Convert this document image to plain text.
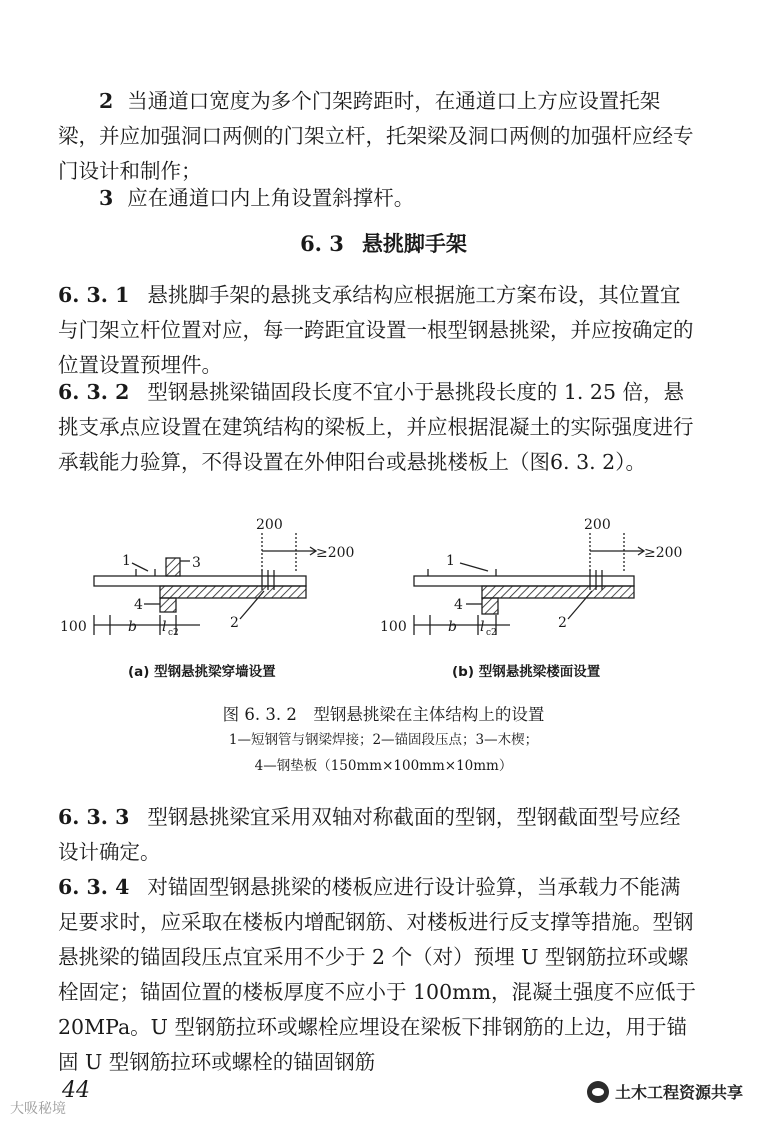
2 当通道口宽度为多个门架跨距时，在通道口上方应设置托架梁，并应加强洞口两侧的门架立杆，托架梁及洞口两侧的加强杆应经专门设计和制作；

3 应在通道口内上角设置斜撑杆。

6. 3 悬挑脚手架

6. 3. 1 悬挑脚手架的悬挑支承结构应根据施工方案布设，其位置宜与门架立杆位置对应，每一跨距宜设置一根型钢悬挑梁，并应按确定的位置设置预埋件。

6. 3. 2 型钢悬挑梁锚固段长度不宜小于悬挑段长度的 1. 25 倍，悬挑支承点应设置在建筑结构的梁板上，并应根据混凝土的实际强度进行承载能力验算，不得设置在外伸阳台或悬挑楼板上（图6. 3. 2）。

1	3
4
2
200
≥200
100	b l c2
1
4
2
200
≥200
100	b l c2
(a) 型钢悬挑梁穿墙设置	(b) 型钢悬挑梁楼面设置
图 6. 3. 2　型钢悬挑梁在主体结构上的设置
1—短钢管与钢梁焊接；2—锚固段压点；3—木楔；
4—钢垫板（150mm×100mm×10mm）

6. 3. 3 型钢悬挑梁宜采用双轴对称截面的型钢，型钢截面型号应经设计确定。

6. 3. 4 对锚固型钢悬挑梁的楼板应进行设计验算，当承载力不能满足要求时，应采取在楼板内增配钢筋、对楼板进行反支撑等措施。型钢悬挑梁的锚固段压点宜采用不少于 2 个（对）预埋 U 型钢筋拉环或螺栓固定；锚固位置的楼板厚度不应小于 100mm，混凝土强度不应低于 20MPa。U 型钢筋拉环或螺栓应埋设在梁板下排钢筋的上边，用于锚固 U 型钢筋拉环或螺栓的锚固钢筋

44
大吸秘境
土木工程资源共享
